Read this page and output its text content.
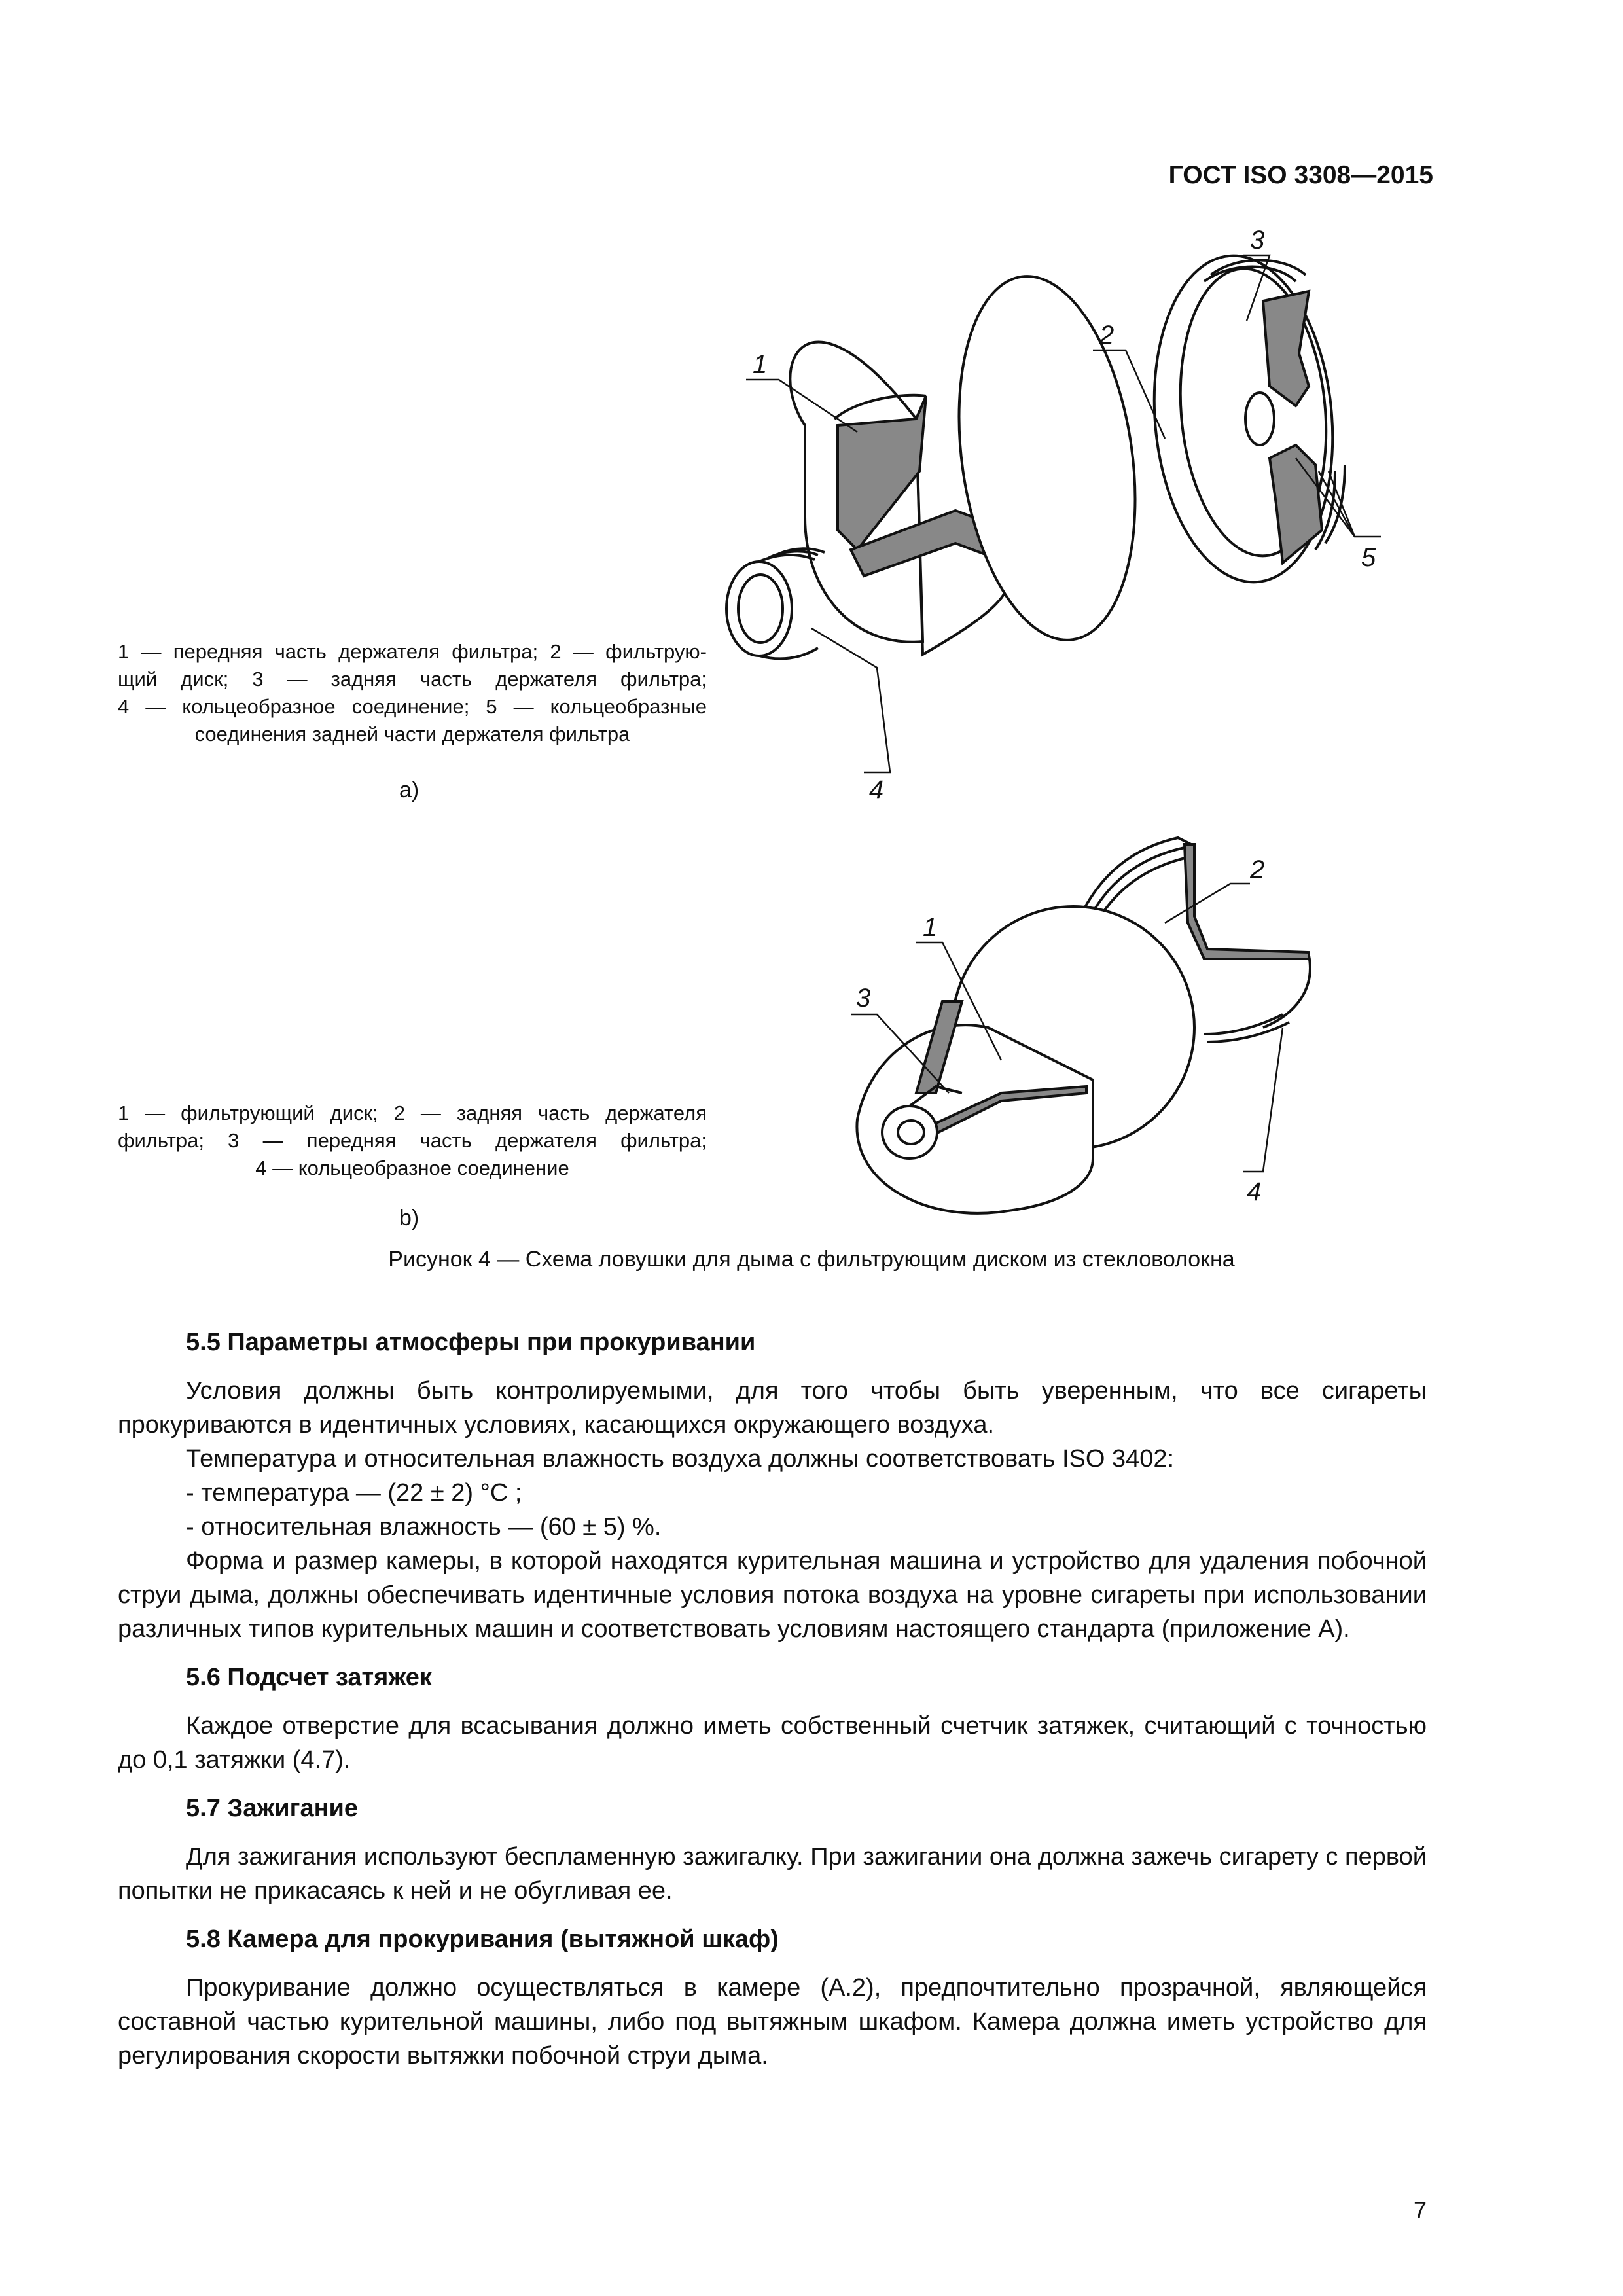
ГОСТ ISO 3308—2015
1
2
3
5
4
1 — передняя часть держателя фильтра; 2 — фильтрую-
щий диск; 3 — задняя часть держателя фильтра;
4 — кольцеобразное соединение; 5 — кольцеобразные
соединения задней части держателя фильтра
a)
1
3
2
4
1 — фильтрующий диск; 2 — задняя часть держателя
фильтра; 3 — передняя часть держателя фильтра;
4 — кольцеобразное соединение
b)
Рисунок 4 — Схема ловушки для дыма с фильтрующим диском из стекловолокна
5.5 Параметры атмосферы при прокуривании

Условия должны быть контролируемыми, для того чтобы быть уверенным, что все сигареты прокуриваются в идентичных условиях, касающихся окружающего воздуха.

Температура и относительная влажность воздуха должны соответствовать ISO 3402:

- температура — (22 ± 2) °С ;

- относительная влажность — (60 ± 5) %.

Форма и размер камеры, в которой находятся курительная машина и устройство для удаления побочной струи дыма, должны обеспечивать идентичные условия потока воздуха на уровне сигареты при использовании различных типов курительных машин и соответствовать условиям настоящего стандарта (приложение А).

5.6 Подсчет затяжек

Каждое отверстие для всасывания должно иметь собственный счетчик затяжек, считающий с точностью до 0,1 затяжки (4.7).

5.7 Зажигание

Для зажигания используют беспламенную зажигалку. При зажигании она должна зажечь сигарету с первой попытки не прикасаясь к ней и не обугливая ее.

5.8 Камера для прокуривания (вытяжной шкаф)

Прокуривание должно осуществляться в камере (А.2), предпочтительно прозрачной, являющейся составной частью курительной машины, либо под вытяжным шкафом. Камера должна иметь устройство для регулирования скорости вытяжки побочной струи дыма.

7
